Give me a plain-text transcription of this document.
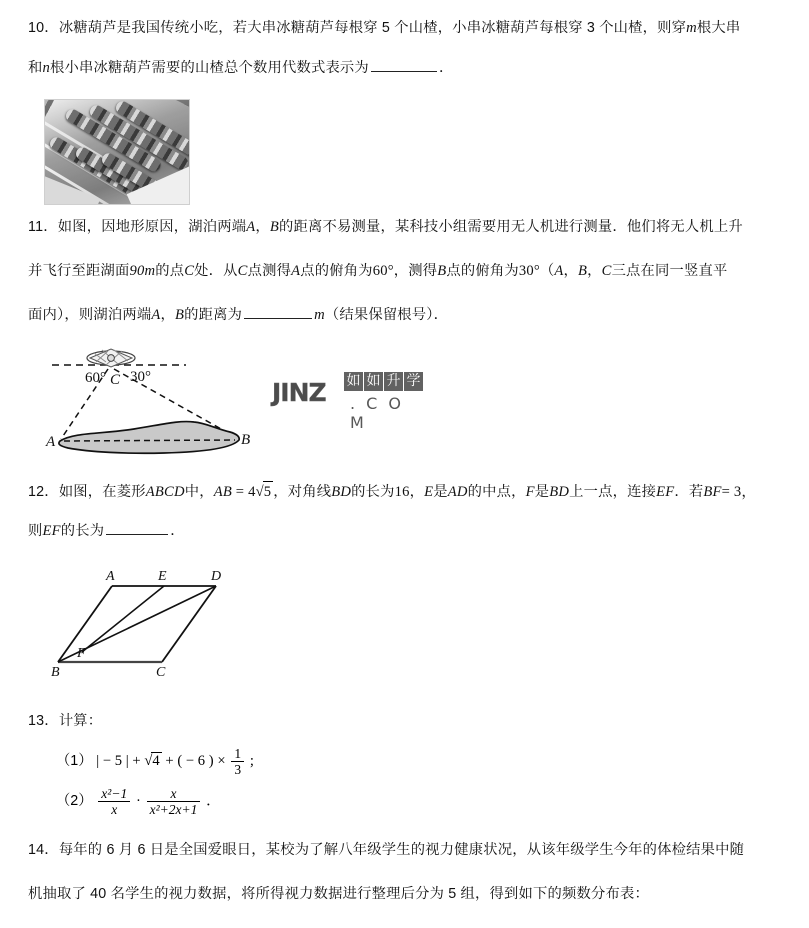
10．冰糖葫芦是我国传统小吃，若大串冰糖葫芦每根穿 5 个山楂，小串冰糖葫芦每根穿 3 个山楂，则穿m根大串
和n根小串冰糖葫芦需要的山楂总个数用代数式表示为	．
11．如图，因地形原因，湖泊两端A，B的距离不易测量，某科技小组需要用无人机进行测量．他们将无人机上升
并飞行至距湖面90m的点C处．从C点测得A点的俯角为60°，测得B点的俯角为30°（A，B，C三点在同一竖直平
面内），则湖泊两端A，B的距离为	m（结果保留根号）．
60° 30°
C
A	B
JINZ 如 如 升 学
. C O M
12．如图，在菱形ABCD中，AB = 4√5 ，对角线BD的长为16，E是AD的中点，F是BD上一点，连接EF．若BF= 3，
则EF的长为	．
A	E	D
B	C
F
13．计算：
（1） | − 5 | + √4 + ( − 6 ) × $\frac{1}{3}$ ;
$(2) \frac{\text{x²−1}}{x} \cdot \frac{x}{\text{x²+2x+1}}$ ．
14．每年的 6 月 6 日是全国爱眼日，某校为了解八年级学生的视力健康状况，从该年级学生今年的体检结果中随
机抽取了 40 名学生的视力数据，将所得视力数据进行整理后分为 5 组，得到如下的频数分布表：
